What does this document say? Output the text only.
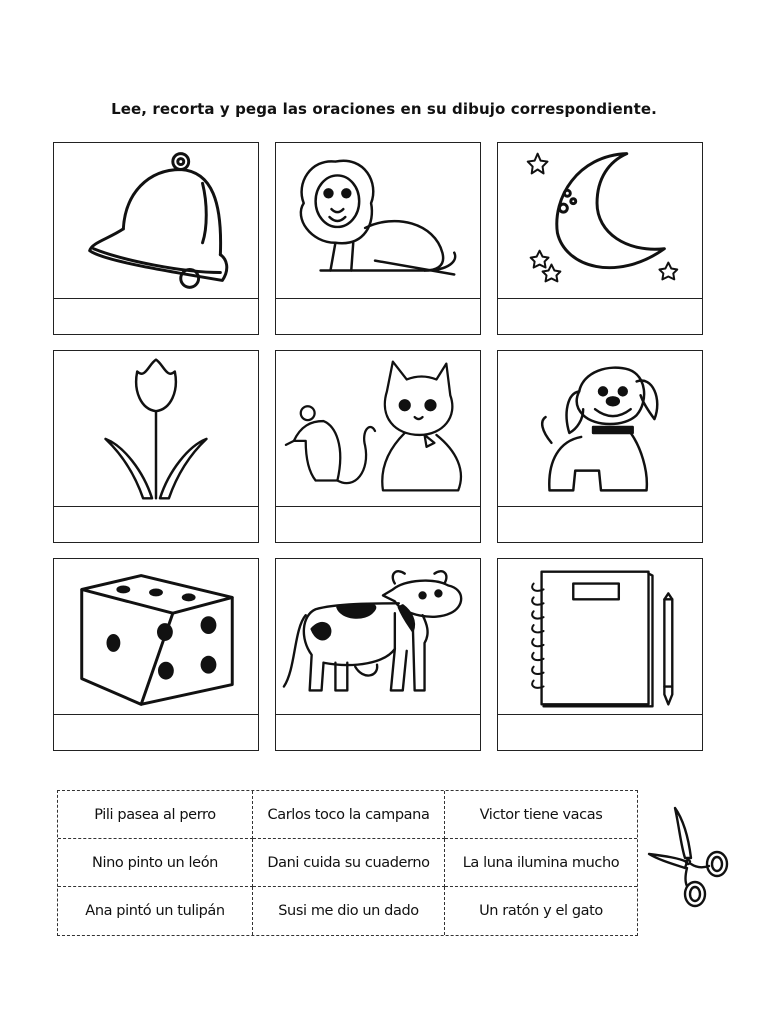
Lee, recorta y pega las oraciones en su dibujo correspondiente.
Pili pasea al perro	Carlos toco la campana	Victor tiene vacas
Nino pinto un león	Dani cuida su cuaderno	La luna ilumina mucho
Ana pintó un tulipán	Susi me dio un dado	Un ratón y el gato
